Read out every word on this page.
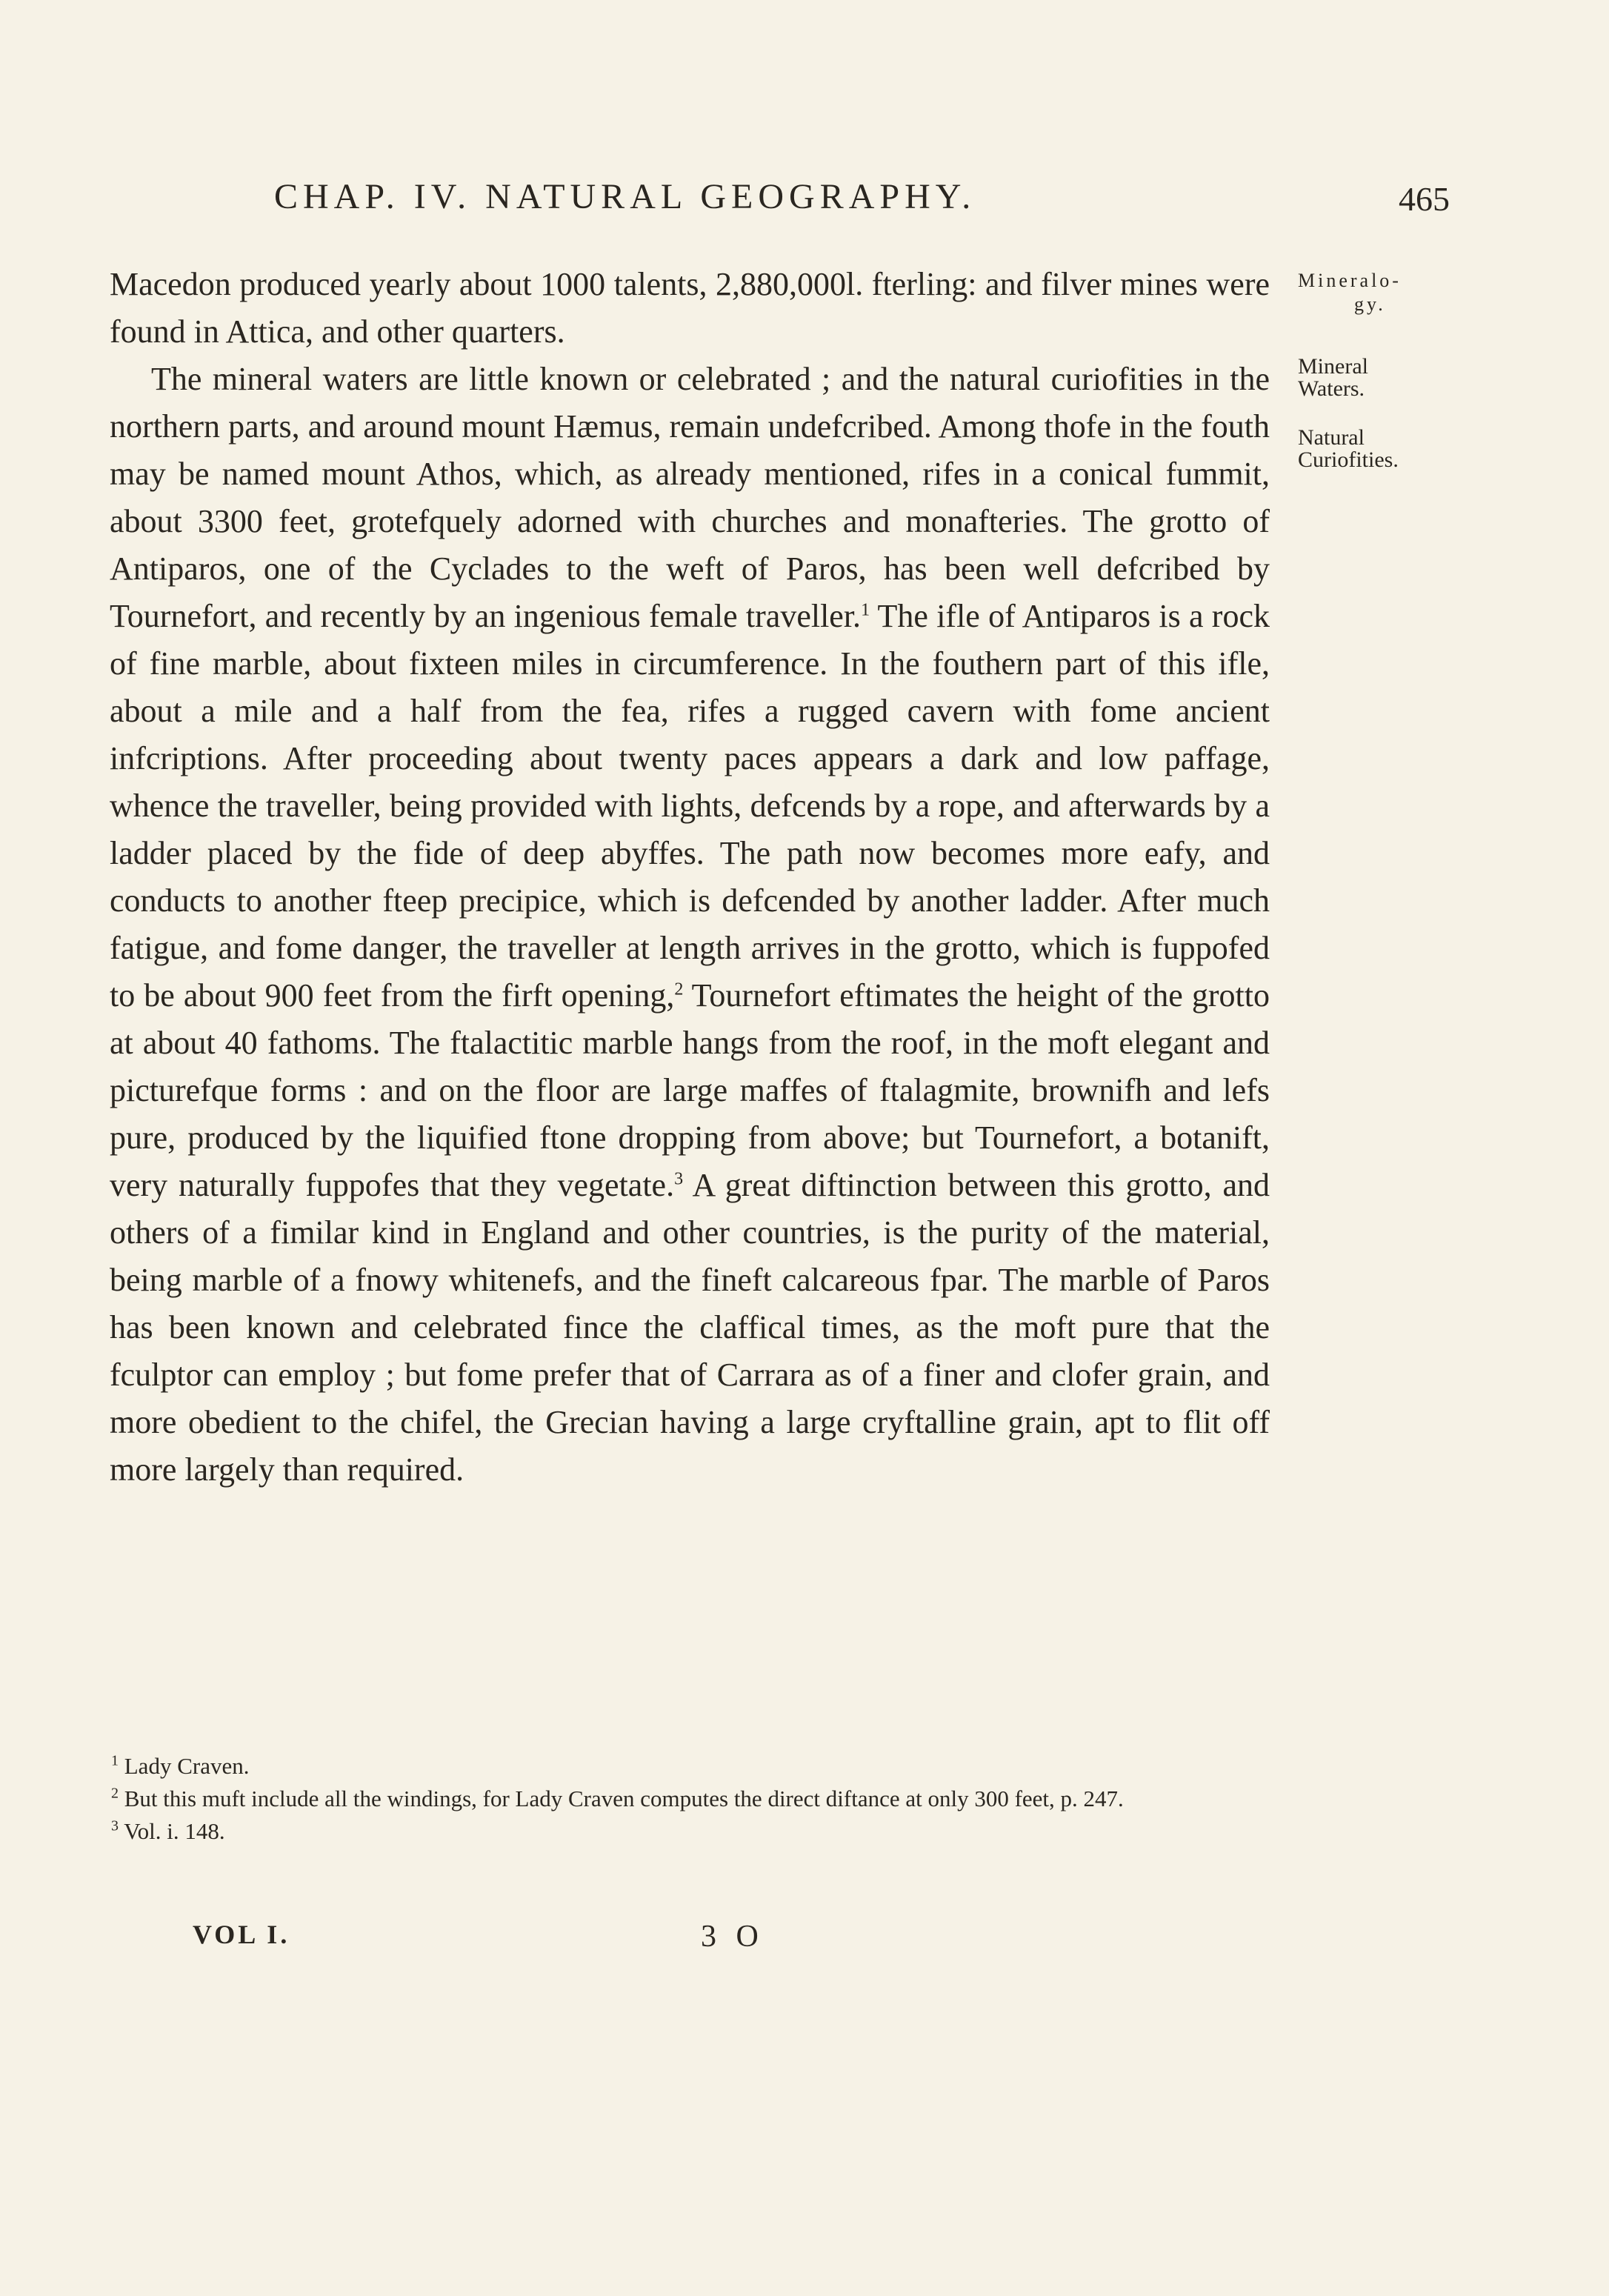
CHAP. IV. NATURAL GEOGRAPHY.	465
Mineralo-
gy.
Mineral Waters.
Natural Curiofities.

Macedon produced yearly about 1000 talents, 2,880,000l. fterling: and filver mines were found in Attica, and other quarters.

The mineral waters are little known or celebrated ; and the natural curiofities in the northern parts, and around mount Hæmus, remain undefcribed. Among thofe in the fouth may be named mount Athos, which, as already mentioned, rifes in a conical fummit, about 3300 feet, grotefquely adorned with churches and monafteries. The grotto of Antiparos, one of the Cyclades to the weft of Paros, has been well defcribed by Tournefort, and recently by an ingenious female traveller.$^1$ The ifle of Antiparos is a rock of fine marble, about fixteen miles in circumference. In the fouthern part of this ifle, about a mile and a half from the fea, rifes a rugged cavern with fome ancient infcriptions. After proceeding about twenty paces appears a dark and low paffage, whence the traveller, being provided with lights, defcends by a rope, and afterwards by a ladder placed by the fide of deep abyffes. The path now becomes more eafy, and conducts to another fteep precipice, which is defcended by another ladder. After much fatigue, and fome danger, the traveller at length arrives in the grotto, which is fuppofed to be about 900 feet from the firft opening,$^2$ Tournefort eftimates the height of the grotto at about 40 fathoms. The ftalactitic marble hangs from the roof, in the moft elegant and picturefque forms : and on the floor are large maffes of ftalagmite, brownifh and lefs pure, produced by the liquified ftone dropping from above; but Tournefort, a botanift, very naturally fuppofes that they vegetate.$^3$ A great diftinction between this grotto, and others of a fimilar kind in England and other countries, is the purity of the material, being marble of a fnowy whitenefs, and the fineft calcareous fpar. The marble of Paros has been known and celebrated fince the claffical times, as the moft pure that the fculptor can employ ; but fome prefer that of Carrara as of a finer and clofer grain, and more obedient to the chifel, the Grecian having a large cryftalline grain, apt to flit off more largely than required.

$^1$ Lady Craven.
$^2$ But this muft include all the windings, for Lady Craven computes the direct diftance at only 300 feet, p. 247.
$^3$ Vol. i. 148.
VOL I.	3 O
